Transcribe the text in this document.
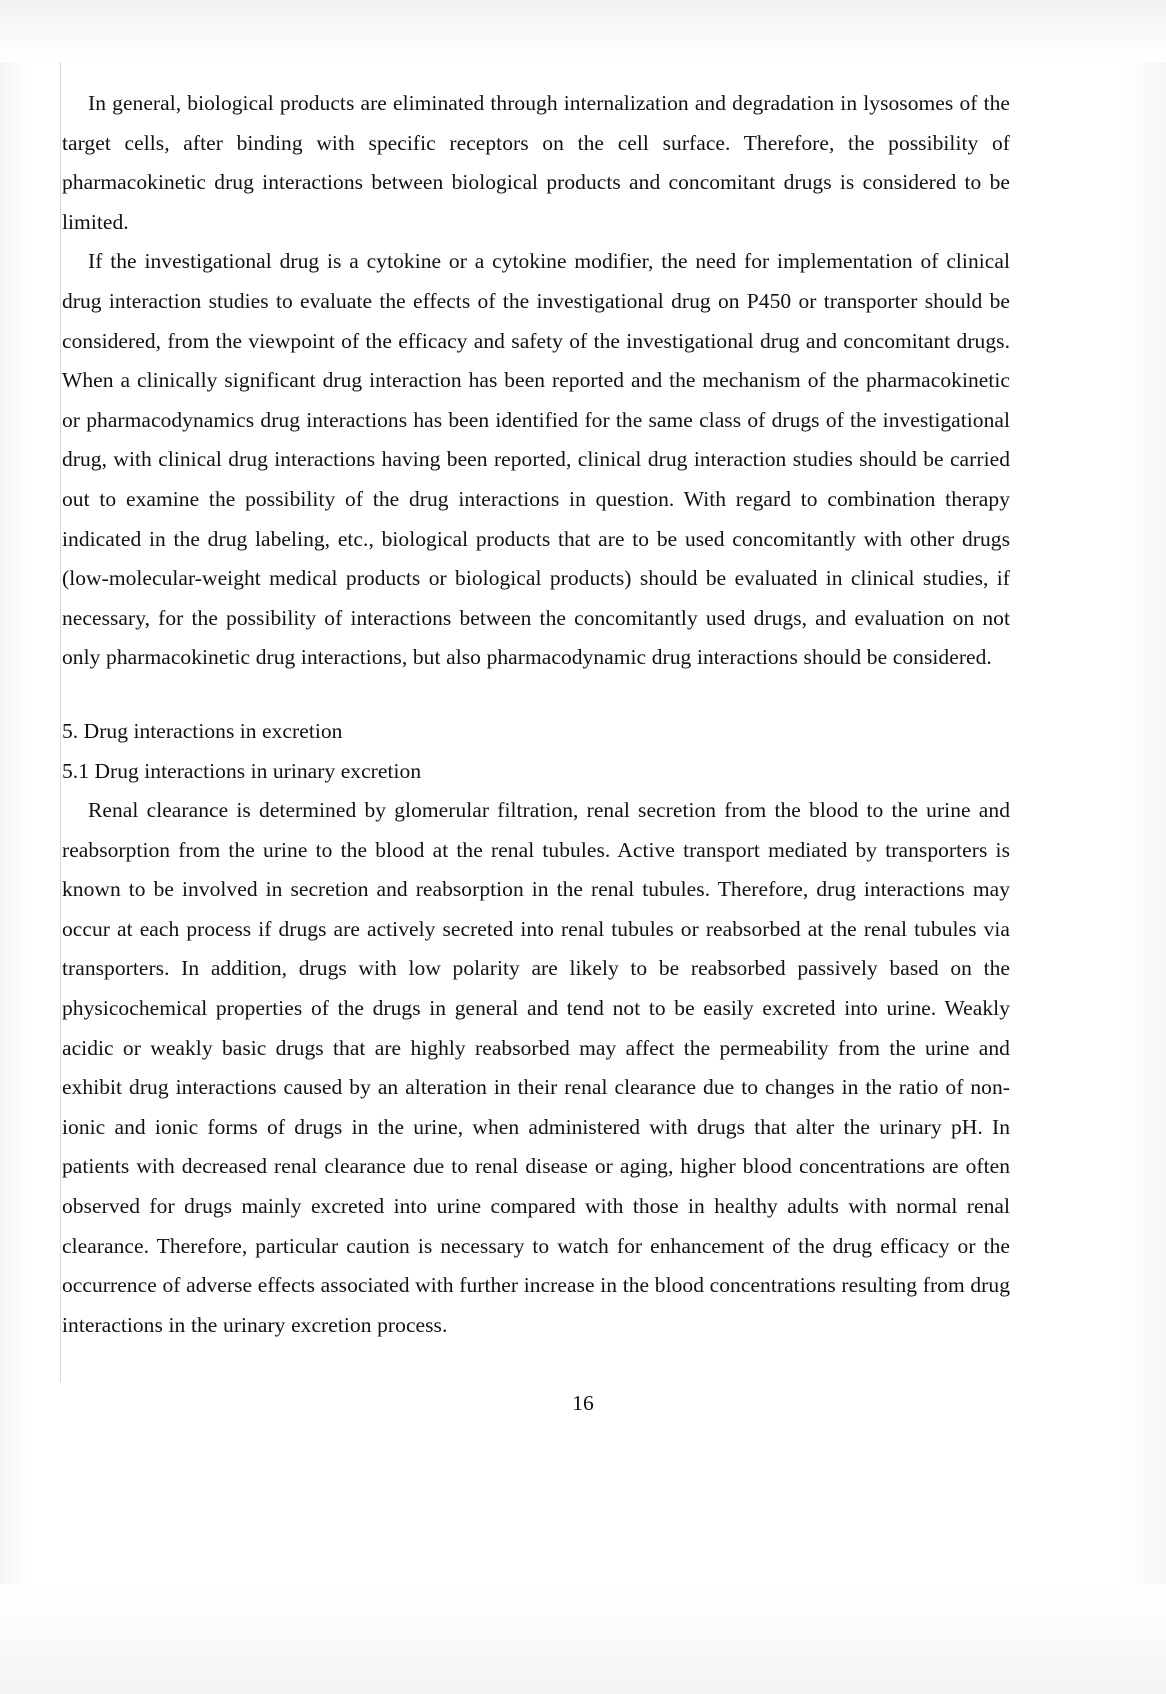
In general, biological products are eliminated through internalization and degradation in lysosomes of the target cells, after binding with specific receptors on the cell surface. Therefore, the possibility of pharmacokinetic drug interactions between biological products and concomitant drugs is considered to be limited.

If the investigational drug is a cytokine or a cytokine modifier, the need for implementation of clinical drug interaction studies to evaluate the effects of the investigational drug on P450 or transporter should be considered, from the viewpoint of the efficacy and safety of the investigational drug and concomitant drugs. When a clinically significant drug interaction has been reported and the mechanism of the pharmacokinetic or pharmacodynamics drug interactions has been identified for the same class of drugs of the investigational drug, with clinical drug interactions having been reported, clinical drug interaction studies should be carried out to examine the possibility of the drug interactions in question. With regard to combination therapy indicated in the drug labeling, etc., biological products that are to be used concomitantly with other drugs (low-molecular-weight medical products or biological products) should be evaluated in clinical studies, if necessary, for the possibility of interactions between the concomitantly used drugs, and evaluation on not only pharmacokinetic drug interactions, but also pharmacodynamic drug interactions should be considered.

5. Drug interactions in excretion
5.1 Drug interactions in urinary excretion

Renal clearance is determined by glomerular filtration, renal secretion from the blood to the urine and reabsorption from the urine to the blood at the renal tubules. Active transport mediated by transporters is known to be involved in secretion and reabsorption in the renal tubules. Therefore, drug interactions may occur at each process if drugs are actively secreted into renal tubules or reabsorbed at the renal tubules via transporters. In addition, drugs with low polarity are likely to be reabsorbed passively based on the physicochemical properties of the drugs in general and tend not to be easily excreted into urine. Weakly acidic or weakly basic drugs that are highly reabsorbed may affect the permeability from the urine and exhibit drug interactions caused by an alteration in their renal clearance due to changes in the ratio of non-ionic and ionic forms of drugs in the urine, when administered with drugs that alter the urinary pH. In patients with decreased renal clearance due to renal disease or aging, higher blood concentrations are often observed for drugs mainly excreted into urine compared with those in healthy adults with normal renal clearance. Therefore, particular caution is necessary to watch for enhancement of the drug efficacy or the occurrence of adverse effects associated with further increase in the blood concentrations resulting from drug interactions in the urinary excretion process.

16
